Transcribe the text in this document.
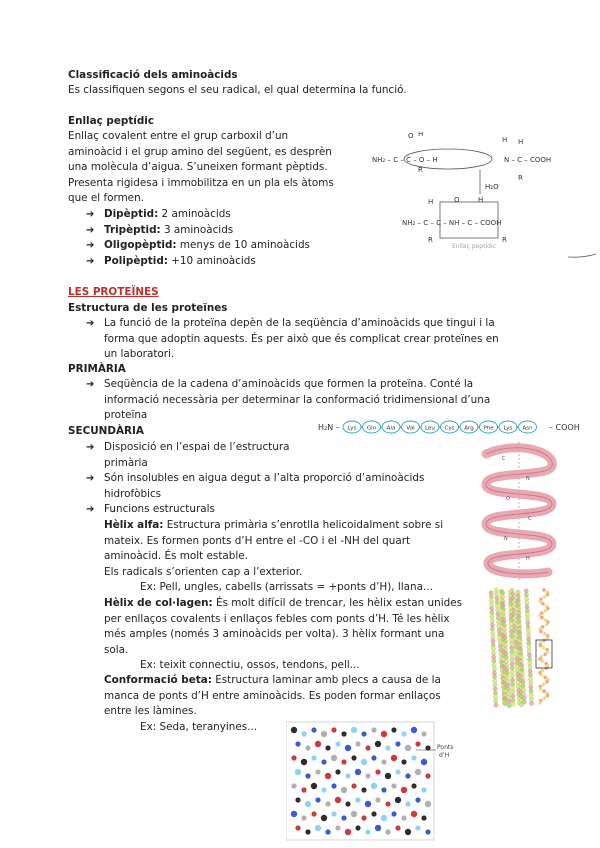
Classificació dels aminoàcids
Es classifiquen segons el seu radical, el qual determina la funció.
Enllaç peptídic
Enllaç covalent entre el grup carboxil d’un
aminoàcid i el grup amino del següent, es desprèn
una molècula d’aigua. S’uneixen formant pèptids.
Presenta rigidesa i immobilitza en un pla els àtoms
que el formen.
➔ Dipèptid: 2 aminoàcids
➔ Tripèptid: 3 aminoàcids
➔ Oligopèptid: menys de 10 aminoàcids
➔ Polipèptid: +10 aminoàcids
O H
R
NH₂ – C – C – O – H
H H
N – C – COOH
R
H₂O
H	O	H
NH₂ – C – C – NH – C – COOH
R	R
Enllaç peptídic
LES PROTEÏNES
Estructura de les proteïnes
➔ La funció de la proteïna depèn de la seqüència d’aminoàcids que tingui i la
forma que adoptin aquests. És per això que és complicat crear proteïnes en
un laboratori.
PRIMÀRIA
➔ Seqüència de la cadena d’aminoàcids que formen la proteïna. Conté la
informació necessària per determinar la conformació tridimensional d’una
proteïna
H₂N – Lys Gln Ala Val Leu Cys Arg Phe Lys Asn – COOH
SECUNDÀRIA
➔ Disposició en l’espai de l’estructura
primària
➔ Són insolubles en aigua degut a l’alta proporció d’aminoàcids
hidrofòbics
➔ Funcions estructurals
Hèlix alfa: Estructura primària s’enrotlla helicoidalment sobre si
mateix. Es formen ponts d’H entre el -CO i el -NH del quart
aminoàcid. És molt estable.
Els radicals s’orienten cap a l’exterior.
Ex: Pell, ungles, cabells (arrissats = +ponts d’H), llana...
Hèlix de col·lagen: És molt difícil de trencar, les hèlix estan unides
per enllaços covalents i enllaços febles com ponts d’H. Té les hèlix
més amples (només 3 aminoàcids per volta). 3 hèlix formant una
sola.
Ex: teixit connectiu, ossos, tendons, pell...
Conformació beta: Estructura laminar amb plecs a causa de la
manca de ponts d’H entre aminoàcids. Es poden formar enllaços
entre les làmines.
Ex: Seda, teranyines...
C
N
O
C
N
H
Ponts
d’H
